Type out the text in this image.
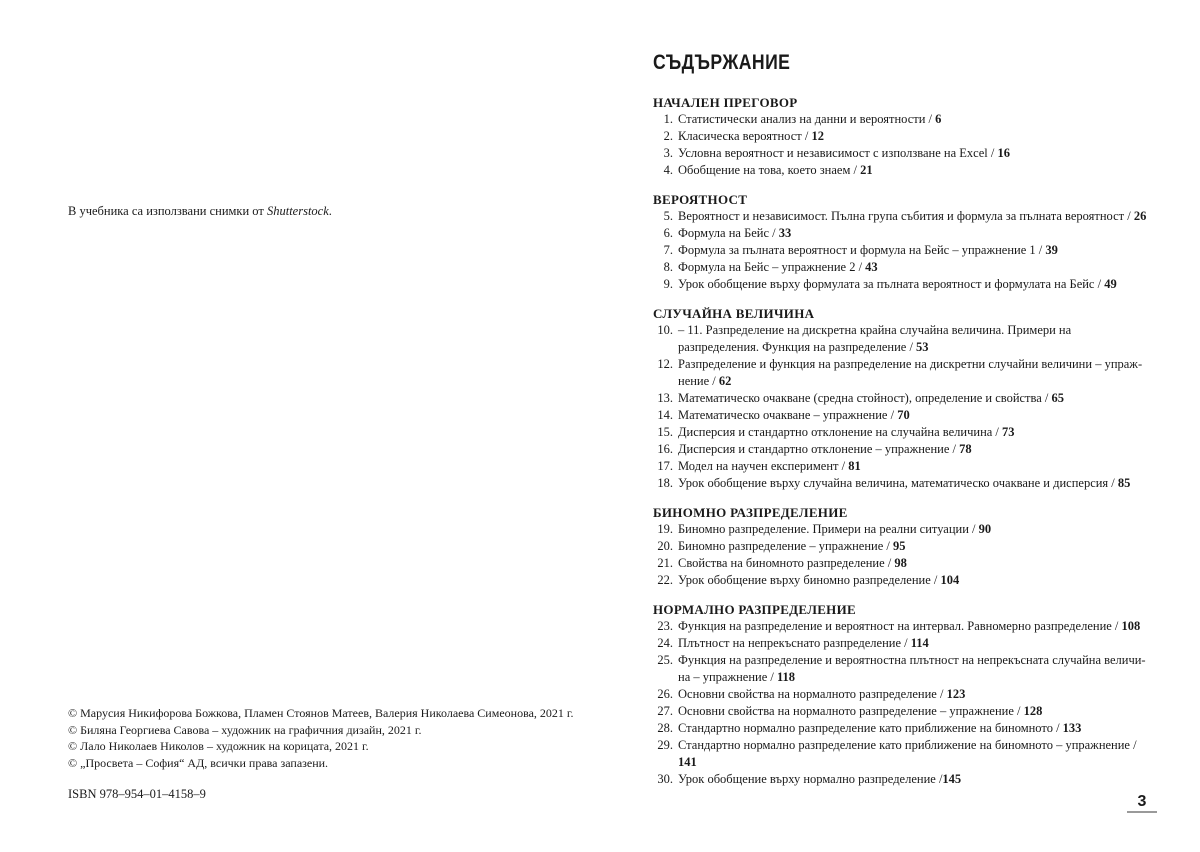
В учебника са използвани снимки от Shutterstock.

© Марусия Никифорова Божкова, Пламен Стоянов Матеев, Валерия Николаева Симеонова, 2021 г.
© Биляна Георгиева Савова – художник на графичния дизайн, 2021 г.
© Лало Николаев Николов – художник на корицата, 2021 г.
© „Просвета – София“ АД, всички права запазени.

ISBN 978–954–01–4158–9

СЪДЪРЖАНИЕ
НАЧАЛЕН ПРЕГОВОР
1. Статистически анализ на данни и вероятности / 6
2. Класическа вероятност / 12
3. Условна вероятност и независимост с използване на Excel / 16
4. Обобщение на това, което знаем / 21
ВЕРОЯТНОСТ
5. Вероятност и независимост. Пълна група събития и формула за пълната вероятност / 26
6. Формула на Бейс / 33
7. Формула за пълната вероятност и формула на Бейс – упражнение 1 / 39
8. Формула на Бейс – упражнение 2 / 43
9. Урок обобщение върху формулата за пълната вероятност и формулата на Бейс / 49
СЛУЧАЙНА ВЕЛИЧИНА
10. – 11. Разпределение на дискретна крайна случайна величина. Примери на разпределения. Функция на разпределение / 53
12. Разпределение и функция на разпределение на дискретни случайни величини – упражнение / 62
13. Математическо очакване (средна стойност), определение и свойства / 65
14. Математическо очакване – упражнение / 70
15. Дисперсия и стандартно отклонение на случайна величина / 73
16. Дисперсия и стандартно отклонение – упражнение / 78
17. Модел на научен експеримент / 81
18. Урок обобщение върху случайна величина, математическо очакване и дисперсия / 85
БИНОМНО РАЗПРЕДЕЛЕНИЕ
19. Биномно разпределение. Примери на реални ситуации / 90
20. Биномно разпределение – упражнение / 95
21. Свойства на биномното разпределение / 98
22. Урок обобщение върху биномно разпределение / 104
НОРМАЛНО РАЗПРЕДЕЛЕНИЕ
23. Функция на разпределение и вероятност на интервал. Равномерно разпределение / 108
24. Плътност на непрекъснато разпределение / 114
25. Функция на разпределение и вероятностна плътност на непрекъсната случайна величина – упражнение / 118
26. Основни свойства на нормалното разпределение / 123
27. Основни свойства на нормалното разпределение – упражнение / 128
28. Стандартно нормално разпределение като приближение на биномното / 133
29. Стандартно нормално разпределение като приближение на биномното – упражнение / 141
30. Урок обобщение върху нормално разпределение /145
3
